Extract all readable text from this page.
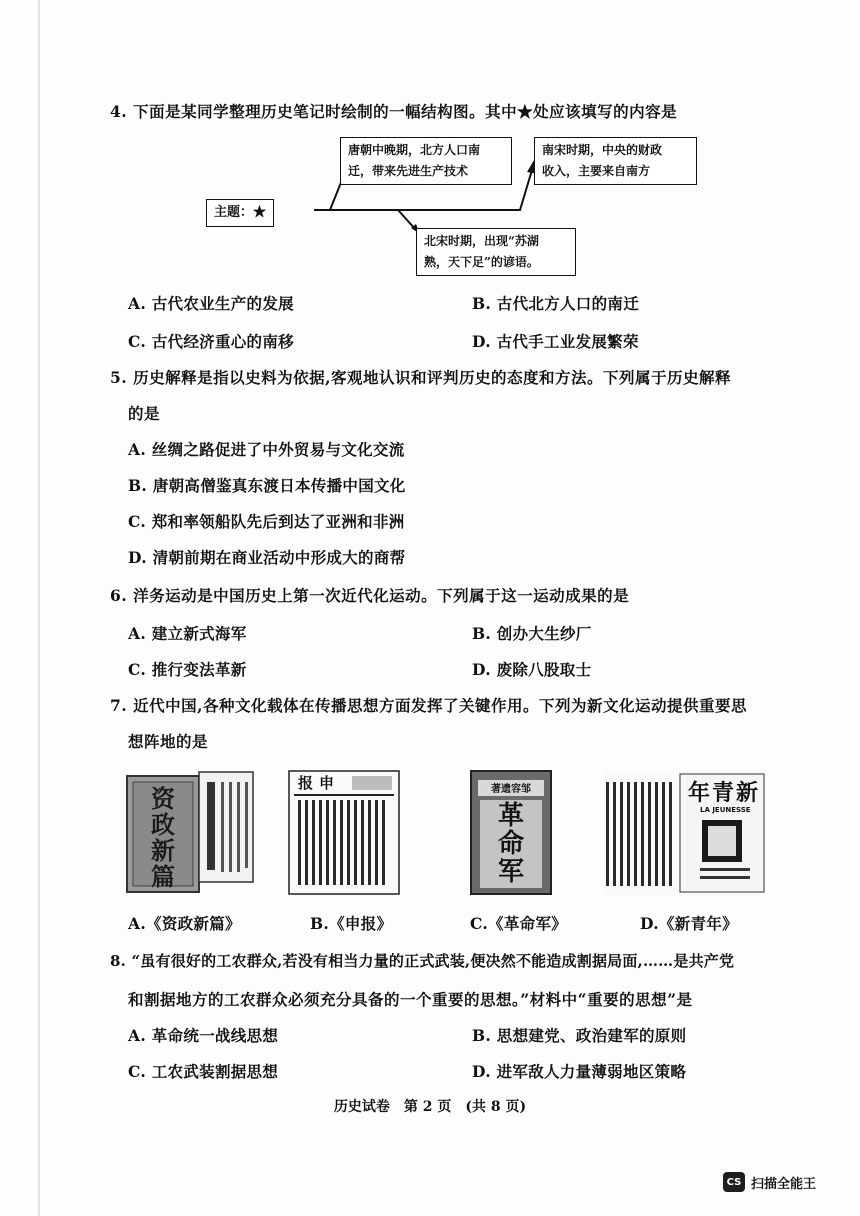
4. 下面是某同学整理历史笔记时绘制的一幅结构图。其中★处应该填写的内容是
主题：★
唐朝中晚期，北方人口南
迁，带来先进生产技术
南宋时期，中央的财政
收入，主要来自南方
北宋时期，出现“苏湖
熟，天下足”的谚语。
A. 古代农业生产的发展	B. 古代北方人口的南迁
C. 古代经济重心的南移	D. 古代手工业发展繁荣
5. 历史解释是指以史料为依据,客观地认识和评判历史的态度和方法。下列属于历史解释
的是
A. 丝绸之路促进了中外贸易与文化交流
B. 唐朝高僧鉴真东渡日本传播中国文化
C. 郑和率领船队先后到达了亚洲和非洲
D. 清朝前期在商业活动中形成大的商帮
6. 洋务运动是中国历史上第一次近代化运动。下列属于这一运动成果的是
A. 建立新式海军	B. 创办大生纱厂
C. 推行变法革新	D. 废除八股取士
7. 近代中国,各种文化载体在传播思想方面发挥了关键作用。下列为新文化运动提供重要思
想阵地的是
资政新篇
报申	著遗容邹
革命军
年青新
LA JEUNESSE
A.《资政新篇》	B.《申报》	C.《革命军》	D.《新青年》
8. “虽有很好的工农群众,若没有相当力量的正式武装,便决然不能造成割据局面,……是共产党
和割据地方的工农群众必须充分具备的一个重要的思想。”材料中“重要的思想”是
A. 革命统一战线思想	B. 思想建党、政治建军的原则
C. 工农武装割据思想	D. 进军敌人力量薄弱地区策略
历史试卷　第 2 页　(共 8 页)
CS 扫描全能王
